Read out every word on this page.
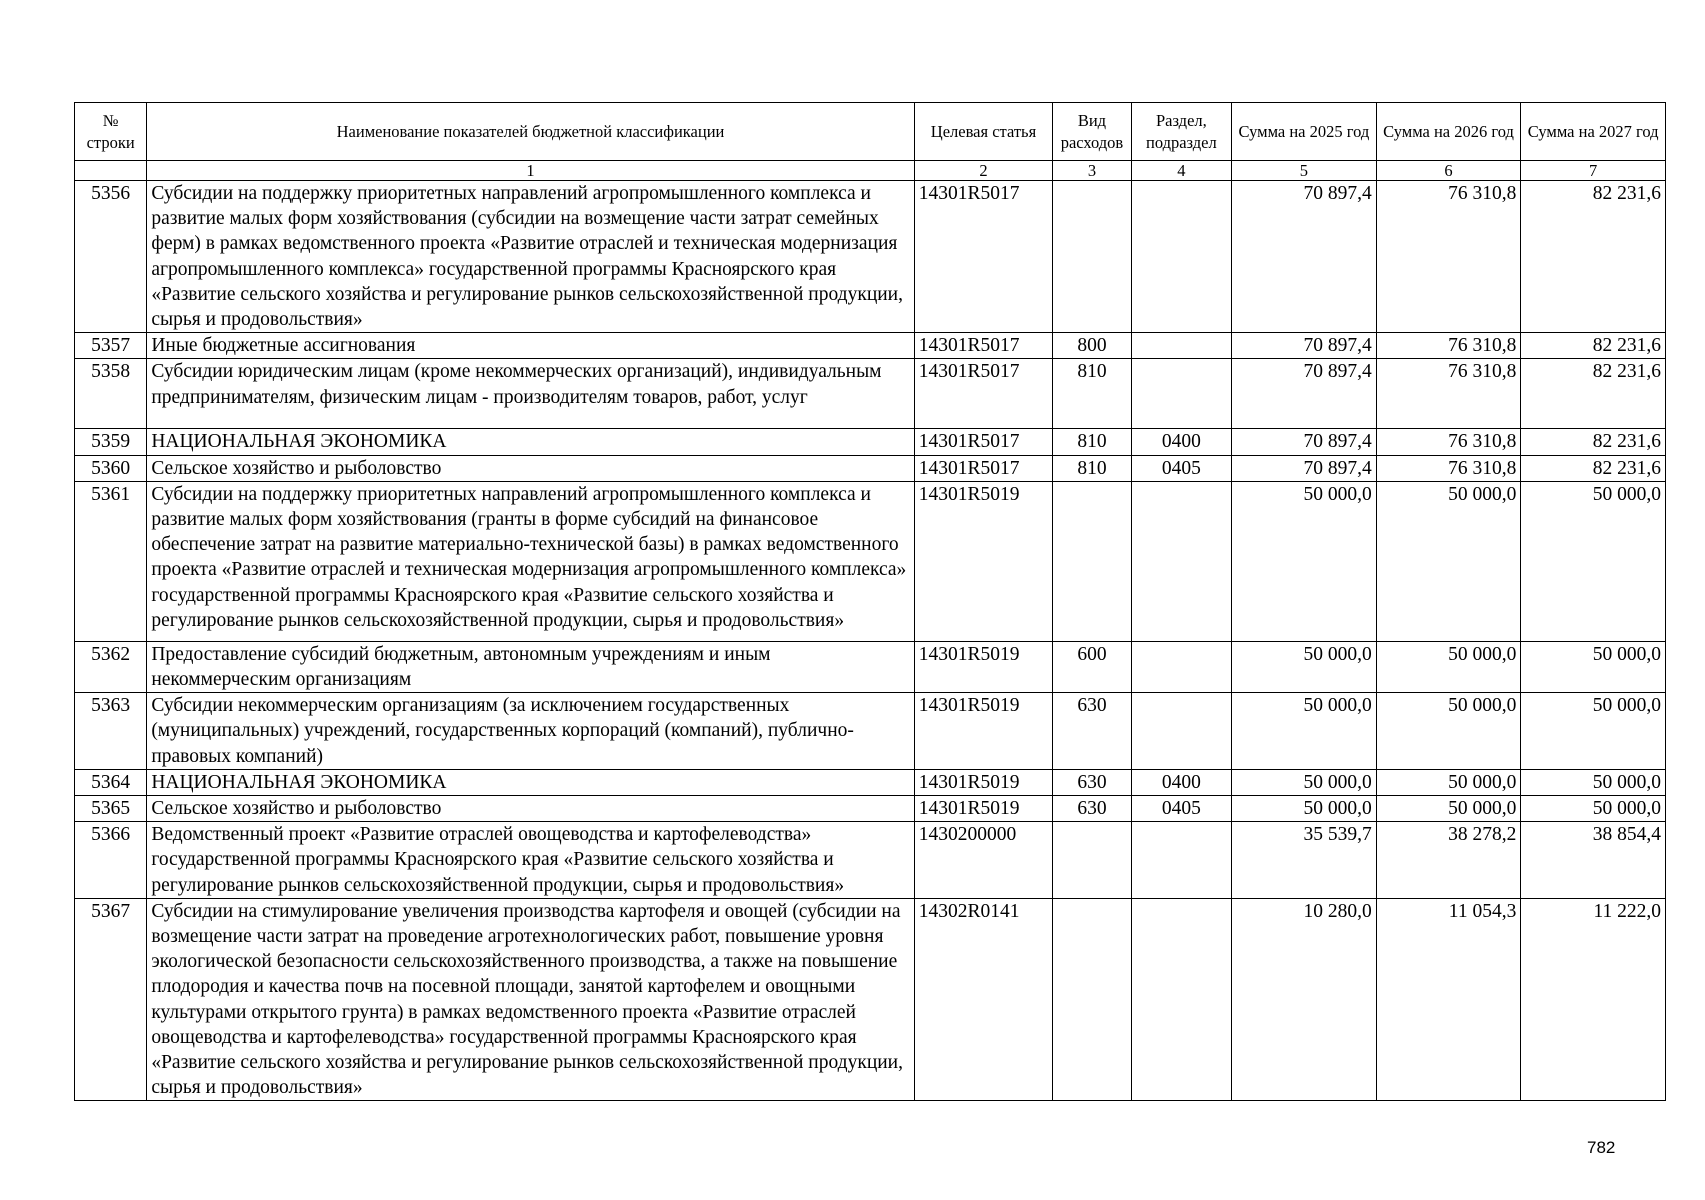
№ строки	Наименование показателей бюджетной классификации	Целевая статья	Вид расходов	Раздел, подраздел	Сумма на 2025 год	Сумма на 2026 год	Сумма на 2027 год
	1	2	3	4	5	6	7
5356	Субсидии на поддержку приоритетных направлений агропромышленного комплекса и развитие малых форм хозяйствования (субсидии на возмещение части затрат семейных ферм) в рамках ведомственного проекта «Развитие отраслей и техническая модернизация агропромышленного комплекса» государственной программы Красноярского края «Развитие сельского хозяйства и регулирование рынков сельскохозяйственной продукции, сырья и продовольствия»	14301R5017			70 897,4	76 310,8	82 231,6
5357	Иные бюджетные ассигнования	14301R5017	800		70 897,4	76 310,8	82 231,6
5358	Субсидии юридическим лицам (кроме некоммерческих организаций), индивидуальным предпринимателям, физическим лицам - производителям товаров, работ, услуг	14301R5017	810		70 897,4	76 310,8	82 231,6
5359	НАЦИОНАЛЬНАЯ ЭКОНОМИКА	14301R5017	810	0400	70 897,4	76 310,8	82 231,6
5360	Сельское хозяйство и рыболовство	14301R5017	810	0405	70 897,4	76 310,8	82 231,6
5361	Субсидии на поддержку приоритетных направлений агропромышленного комплекса и развитие малых форм хозяйствования (гранты в форме субсидий на финансовое обеспечение затрат на развитие материально-технической базы) в рамках ведомственного проекта «Развитие отраслей и техническая модернизация агропромышленного комплекса» государственной программы Красноярского края «Развитие сельского хозяйства и регулирование рынков сельскохозяйственной продукции, сырья и продовольствия»	14301R5019			50 000,0	50 000,0	50 000,0
5362	Предоставление субсидий бюджетным, автономным учреждениям и иным некоммерческим организациям	14301R5019	600		50 000,0	50 000,0	50 000,0
5363	Субсидии некоммерческим организациям (за исключением государственных (муниципальных) учреждений, государственных корпораций (компаний), публично-правовых компаний)	14301R5019	630		50 000,0	50 000,0	50 000,0
5364	НАЦИОНАЛЬНАЯ ЭКОНОМИКА	14301R5019	630	0400	50 000,0	50 000,0	50 000,0
5365	Сельское хозяйство и рыболовство	14301R5019	630	0405	50 000,0	50 000,0	50 000,0
5366	Ведомственный проект «Развитие отраслей овощеводства и картофелеводства» государственной программы Красноярского края «Развитие сельского хозяйства и регулирование рынков сельскохозяйственной продукции, сырья и продовольствия»	1430200000			35 539,7	38 278,2	38 854,4
5367	Субсидии на стимулирование увеличения производства картофеля и овощей (субсидии на возмещение части затрат на проведение агротехнологических работ, повышение уровня экологической безопасности сельскохозяйственного производства, а также на повышение плодородия и качества почв на посевной площади, занятой картофелем и овощными культурами открытого грунта) в рамках ведомственного проекта «Развитие отраслей овощеводства и картофелеводства» государственной программы Красноярского края «Развитие сельского хозяйства и регулирование рынков сельскохозяйственной продукции, сырья и продовольствия»	14302R0141			10 280,0	11 054,3	11 222,0
782
